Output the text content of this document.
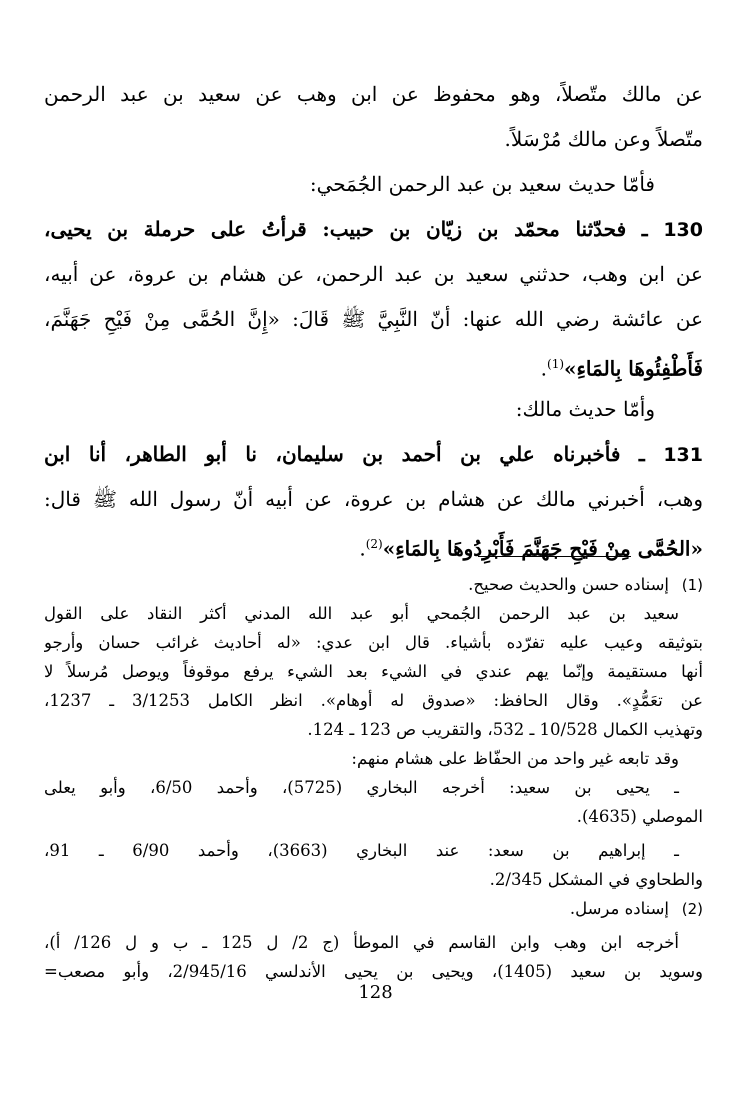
عن مالك متّصلاً، وهو محفوظ عن ابن وهب عن سعيد بن عبد الرحمن
متّصلاً وعن مالك مُرْسَلاً.
فأمّا حديث سعيد بن عبد الرحمن الجُمَحي:
130 ـ فحدّثنا محمّد بن زيّان بن حبيب: قرأتُ على حرملة بن يحيى،
عن ابن وهب، حدثني سعيد بن عبد الرحمن، عن هشام بن عروة، عن أبيه،
عن عائشة رضي الله عنها: أنّ النَّبِيَّ ﷺ قَالَ: «إِنَّ الحُمَّى مِنْ فَيْحِ جَهَنَّمَ،
فَأَطْفِئُوهَا بِالمَاءِ»$^{(1)}$.
وأمّا حديث مالك:
131 ـ فأخبرناه علي بن أحمد بن سليمان، نا أبو الطاهر، أنا ابن
وهب، أخبرني مالك عن هشام بن عروة، عن أبيه أنّ رسول الله ﷺ قال:
«الحُمَّى مِنْ فَيْحِ جَهَنَّمَ فَأَبْرِدُوهَا بِالمَاءِ»$^{(2)}$.
(1)إسناده حسن والحديث صحيح.
سعيد بن عبد الرحمن الجُمحي أبو عبد الله المدني أكثر النقاد على القول
بتوثيقه وعيب عليه تفرّده بأشياء. قال ابن عدي: «له أحاديث غرائب حسان وأرجو
أنها مستقيمة وإنّما يهم عندي في الشيء بعد الشيء يرفع موقوفاً ويوصل مُرسلاً لا
عن تعَمُّدٍ». وقال الحافظ: «صدوق له أوهام». انظر الكامل 3/1253 ـ 1237،
وتهذيب الكمال 10/528 ـ 532، والتقريب ص 123 ـ 124.
وقد تابعه غير واحد من الحفّاظ على هشام منهم:
ـ يحيى بن سعيد: أخرجه البخاري (5725)، وأحمد 6/50، وأبو يعلى
الموصلي (4635).
ـ إبراهيم بن سعد: عند البخاري (3663)، وأحمد 6/90 ـ 91،
والطحاوي في المشكل 2/345.
(2)إسناده مرسل.
أخرجه ابن وهب وابن القاسم في الموطأ (ج 2/ ل 125 ـ ب و ل 126/ أ)،
وسويد بن سعيد (1405)، ويحيى بن يحيى الأندلسي 2/945/16، وأبو مصعب=
128
